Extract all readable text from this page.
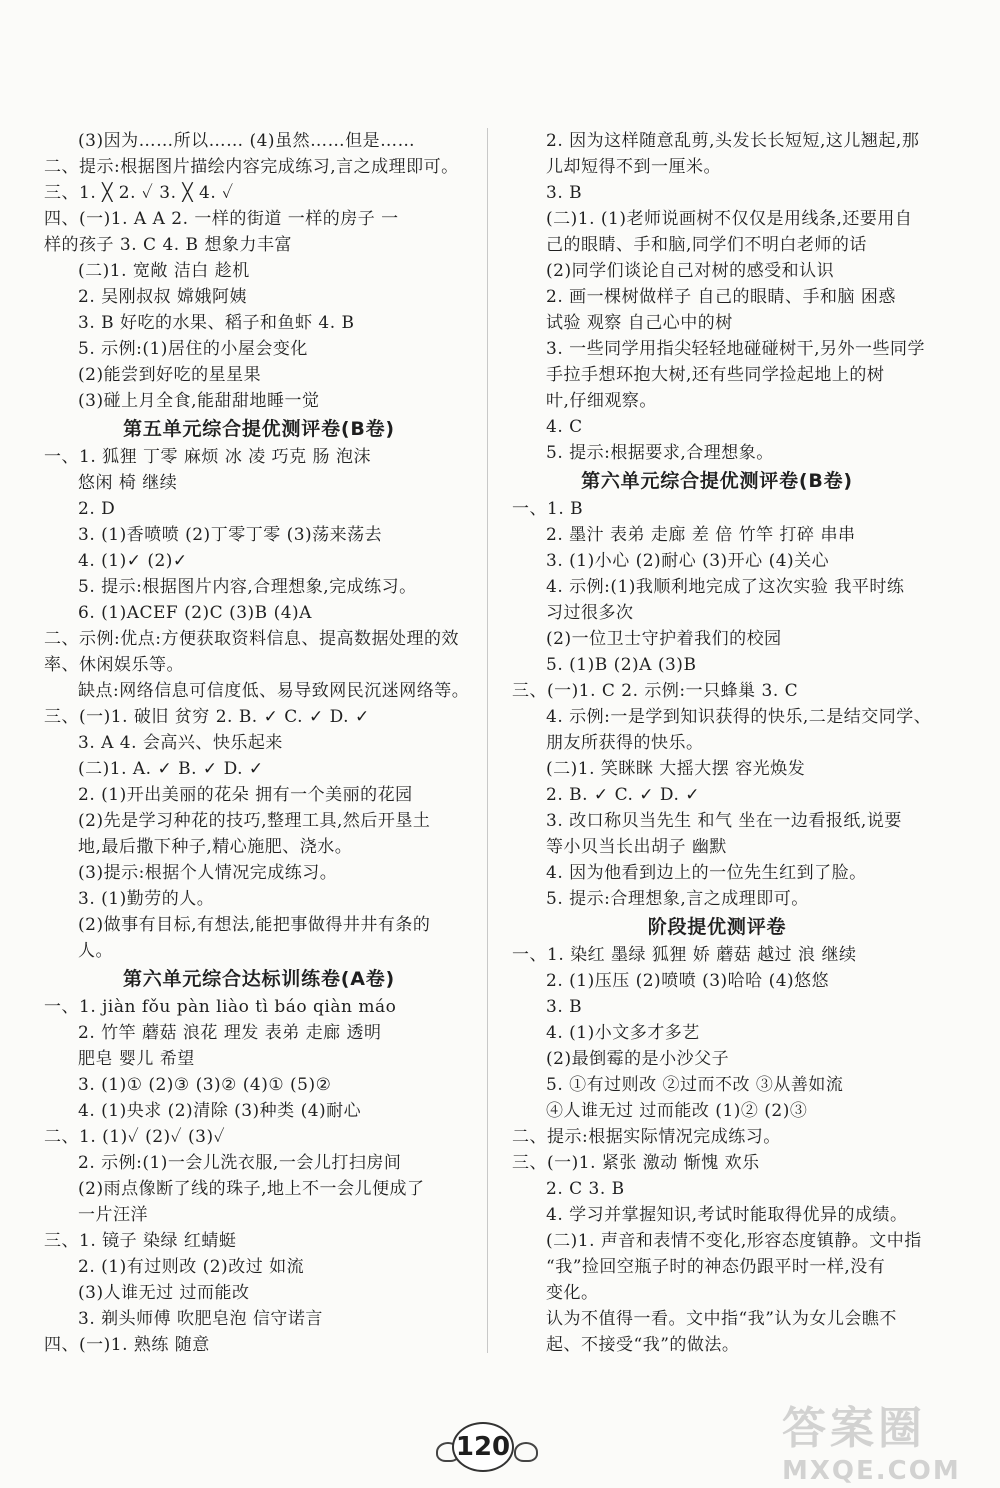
(3)因为……所以…… (4)虽然……但是……
二、提示:根据图片描绘内容完成练习,言之成理即可。
三、1. ╳ 2. ✓ 3. ╳ 4. ✓
四、(一)1. A A 2. 一样的街道 一样的房子 一
样的孩子 3. C 4. B 想象力丰富
(二)1. 宽敞 洁白 趁机
2. 吴刚叔叔 嫦娥阿姨
3. B 好吃的水果、稻子和鱼虾 4. B
5. 示例:(1)居住的小屋会变化
(2)能尝到好吃的星星果
(3)碰上月全食,能甜甜地睡一觉
第五单元综合提优测评卷(B卷)
一、1. 狐狸 丁零 麻烦 冰 凌 巧克 肠 泡沫
悠闲 椅 继续
2. D
3. (1)香喷喷 (2)丁零丁零 (3)荡来荡去
4. (1)✓ (2)✓
5. 提示:根据图片内容,合理想象,完成练习。
6. (1)ACEF (2)C (3)B (4)A
二、示例:优点:方便获取资料信息、提高数据处理的效
率、休闲娱乐等。
缺点:网络信息可信度低、易导致网民沉迷网络等。
三、(一)1. 破旧 贫穷 2. B. ✓ C. ✓ D. ✓
3. A 4. 会高兴、快乐起来
(二)1. A. ✓ B. ✓ D. ✓
2. (1)开出美丽的花朵 拥有一个美丽的花园
(2)先是学习种花的技巧,整理工具,然后开垦土
地,最后撒下种子,精心施肥、浇水。
(3)提示:根据个人情况完成练习。
3. (1)勤劳的人。
(2)做事有目标,有想法,能把事做得井井有条的
人。
第六单元综合达标训练卷(A卷)
一、1. jiàn fǒu pàn liào tì báo qiàn máo
2. 竹竿 蘑菇 浪花 理发 表弟 走廊 透明
肥皂 婴儿 希望
3. (1)① (2)③ (3)② (4)① (5)②
4. (1)央求 (2)清除 (3)种类 (4)耐心
二、1. (1)✓ (2)✓ (3)✓
2. 示例:(1)一会儿洗衣服,一会儿打扫房间
(2)雨点像断了线的珠子,地上不一会儿便成了
一片汪洋
三、1. 镜子 染绿 红蜻蜓
2. (1)有过则改 (2)改过 如流
(3)人谁无过 过而能改
3. 剃头师傅 吹肥皂泡 信守诺言
四、(一)1. 熟练 随意
2. 因为这样随意乱剪,头发长长短短,这儿翘起,那
儿却短得不到一厘米。
3. B
(二)1. (1)老师说画树不仅仅是用线条,还要用自
己的眼睛、手和脑,同学们不明白老师的话
(2)同学们谈论自己对树的感受和认识
2. 画一棵树做样子 自己的眼睛、手和脑 困惑
试验 观察 自己心中的树
3. 一些同学用指尖轻轻地碰碰树干,另外一些同学
手拉手想环抱大树,还有些同学捡起地上的树
叶,仔细观察。
4. C
5. 提示:根据要求,合理想象。
第六单元综合提优测评卷(B卷)
一、1. B
2. 墨汁 表弟 走廊 差 倍 竹竿 打碎 串串
3. (1)小心 (2)耐心 (3)开心 (4)关心
4. 示例:(1)我顺利地完成了这次实验 我平时练
习过很多次
(2)一位卫士守护着我们的校园
5. (1)B (2)A (3)B
三、(一)1. C 2. 示例:一只蜂巢 3. C
4. 示例:一是学到知识获得的快乐,二是结交同学、
朋友所获得的快乐。
(二)1. 笑眯眯 大摇大摆 容光焕发
2. B. ✓ C. ✓ D. ✓
3. 改口称贝当先生 和气 坐在一边看报纸,说要
等小贝当长出胡子 幽默
4. 因为他看到边上的一位先生红到了脸。
5. 提示:合理想象,言之成理即可。
阶段提优测评卷
一、1. 染红 墨绿 狐狸 娇 蘑菇 越过 浪 继续
2. (1)压压 (2)喷喷 (3)哈哈 (4)悠悠
3. B
4. (1)小文多才多艺
(2)最倒霉的是小沙父子
5. ①有过则改 ②过而不改 ③从善如流
④人谁无过 过而能改 (1)② (2)③
二、提示:根据实际情况完成练习。
三、(一)1. 紧张 激动 惭愧 欢乐
2. C 3. B
4. 学习并掌握知识,考试时能取得优异的成绩。
(二)1. 声音和表情不变化,形容态度镇静。文中指
“我”捡回空瓶子时的神态仍跟平时一样,没有
变化。
认为不值得一看。文中指“我”认为女儿会瞧不
起、不接受“我”的做法。
120	答案圈
MXQE.COM
